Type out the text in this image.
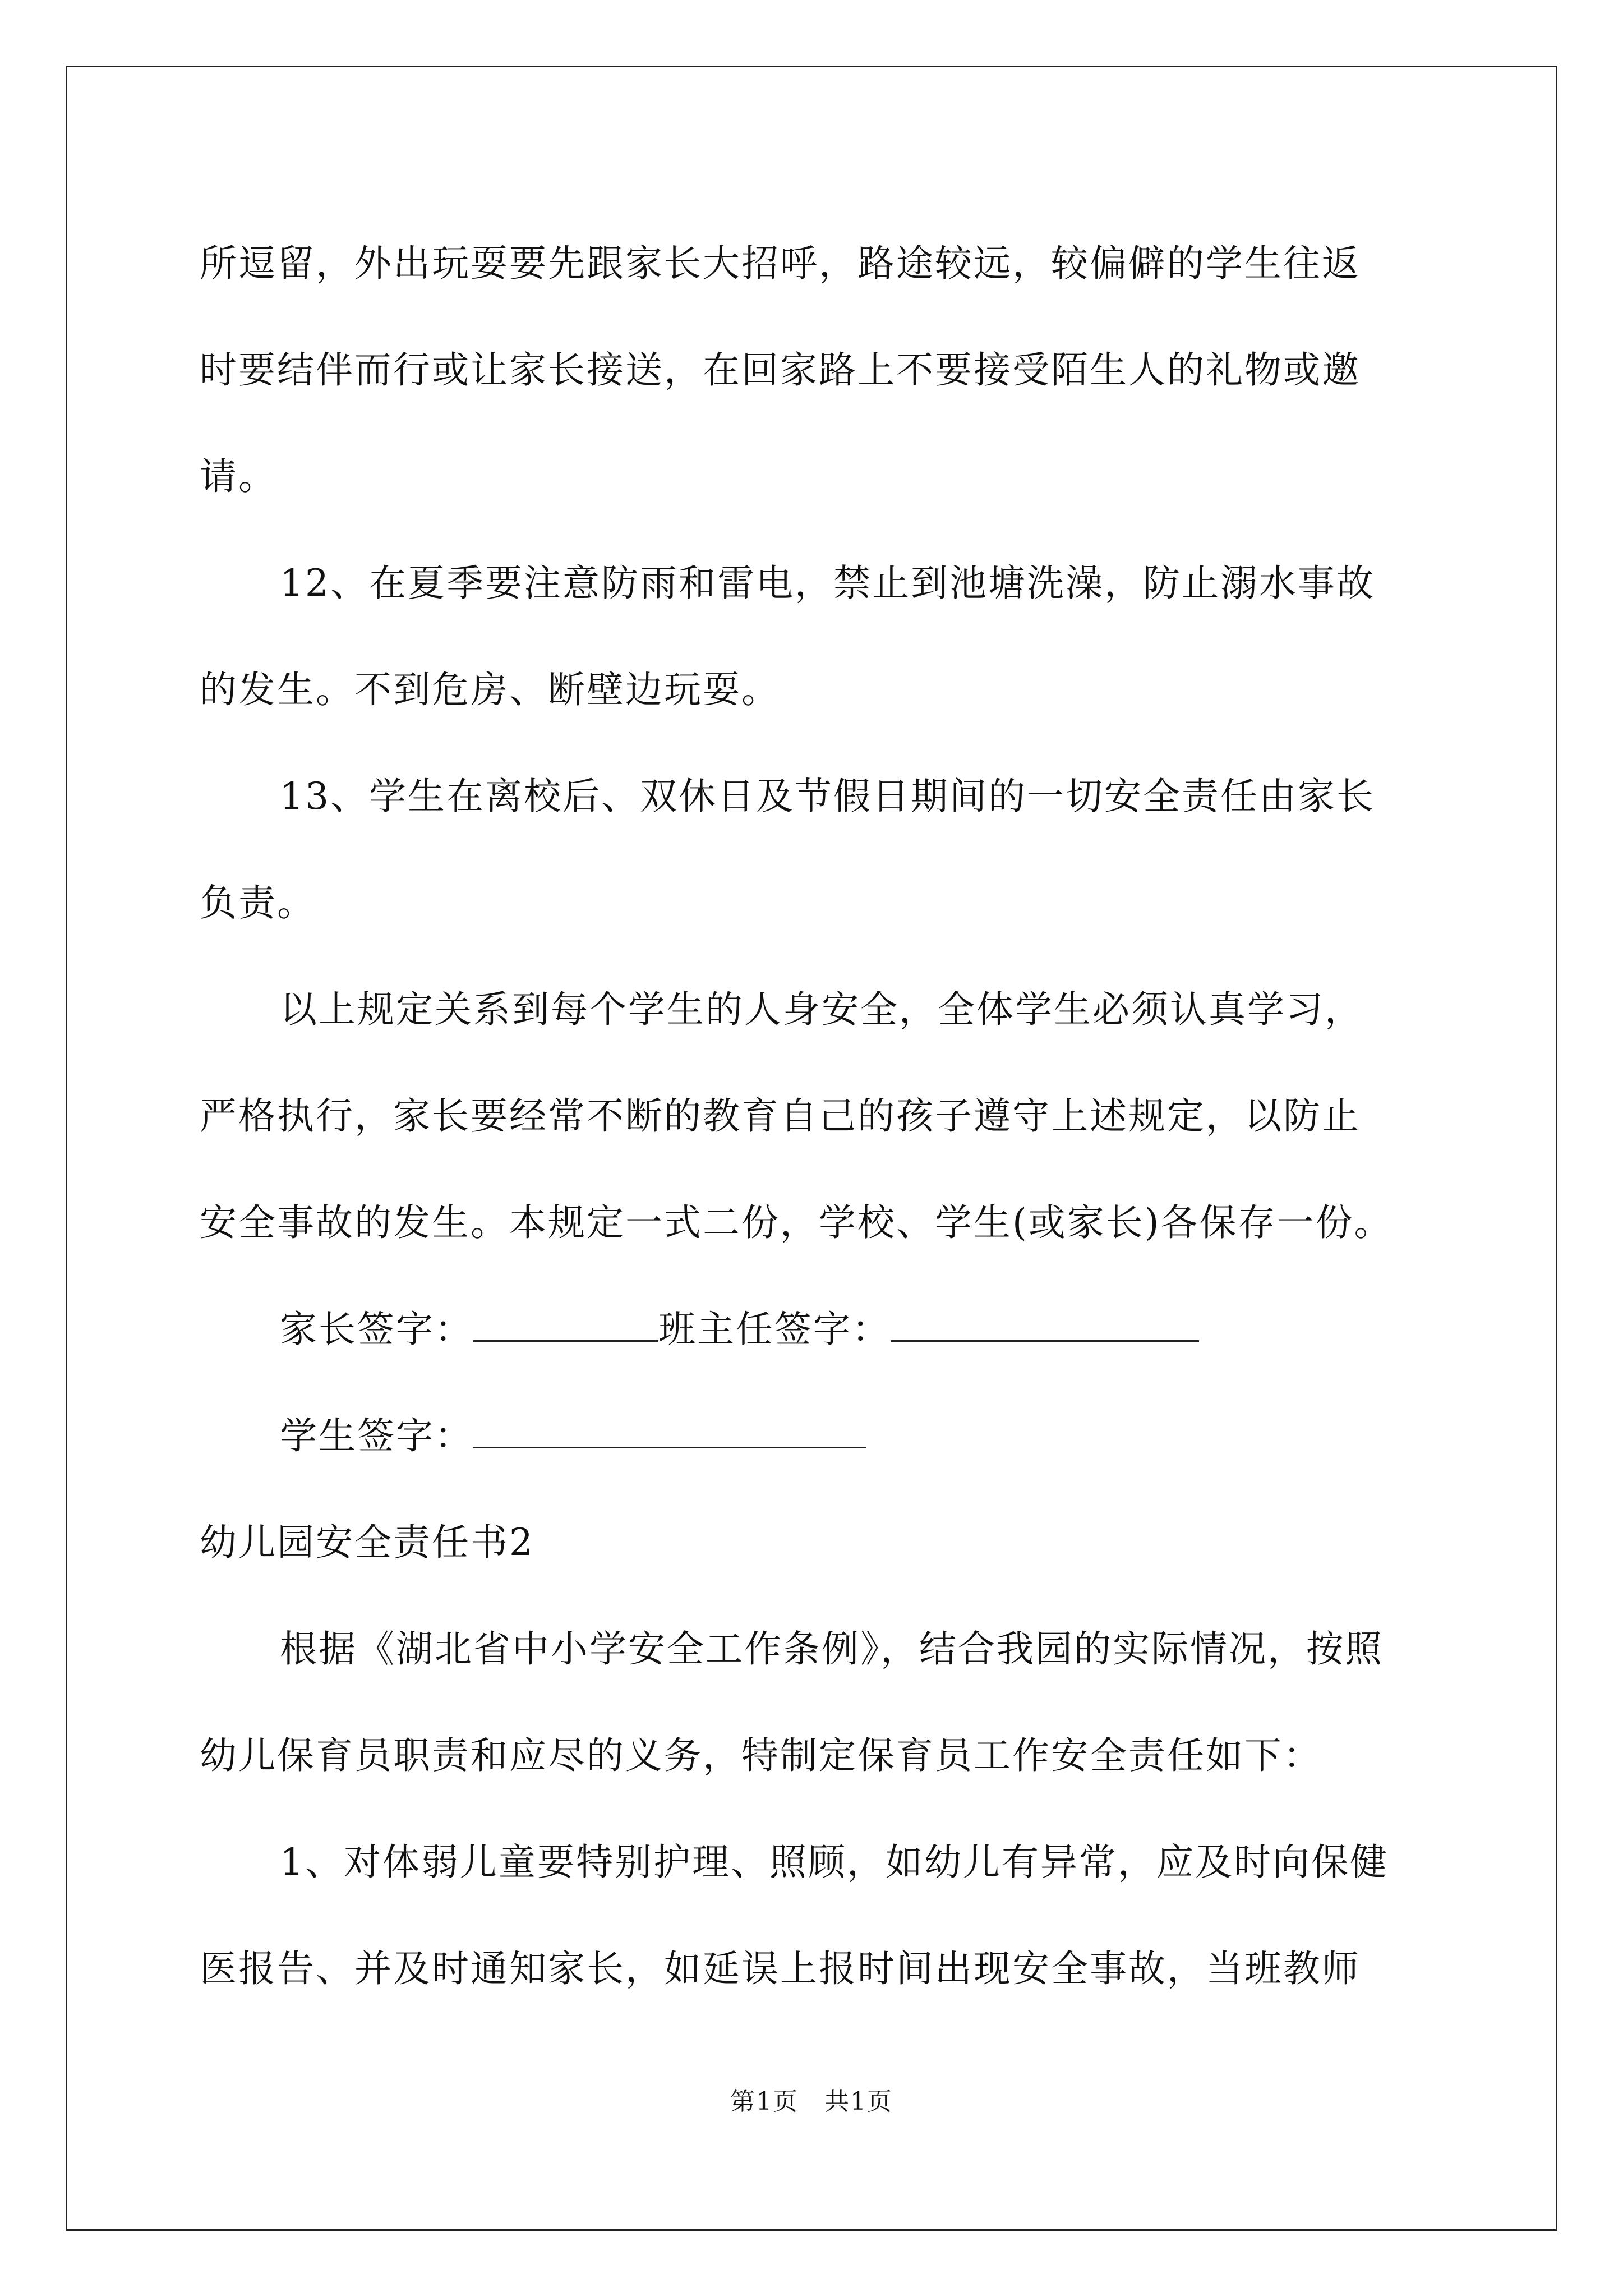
所逗留，外出玩耍要先跟家长大招呼，路途较远，较偏僻的学生往返
时要结伴而行或让家长接送，在回家路上不要接受陌生人的礼物或邀
请。
12、在夏季要注意防雨和雷电，禁止到池塘洗澡，防止溺水事故
的发生。不到危房、断壁边玩耍。
13、学生在离校后、双休日及节假日期间的一切安全责任由家长
负责。
以上规定关系到每个学生的人身安全，全体学生必须认真学习，
严格执行，家长要经常不断的教育自己的孩子遵守上述规定，以防止
安全事故的发生。本规定一式二份，学校、学生(或家长)各保存一份。
家长签字：	班主任签字：
学生签字：
幼儿园安全责任书2
根据《湖北省中小学安全工作条例》，结合我园的实际情况，按照
幼儿保育员职责和应尽的义务，特制定保育员工作安全责任如下：
1、对体弱儿童要特别护理、照顾，如幼儿有异常，应及时向保健
医报告、并及时通知家长，如延误上报时间出现安全事故，当班教师
第1页　共1页
